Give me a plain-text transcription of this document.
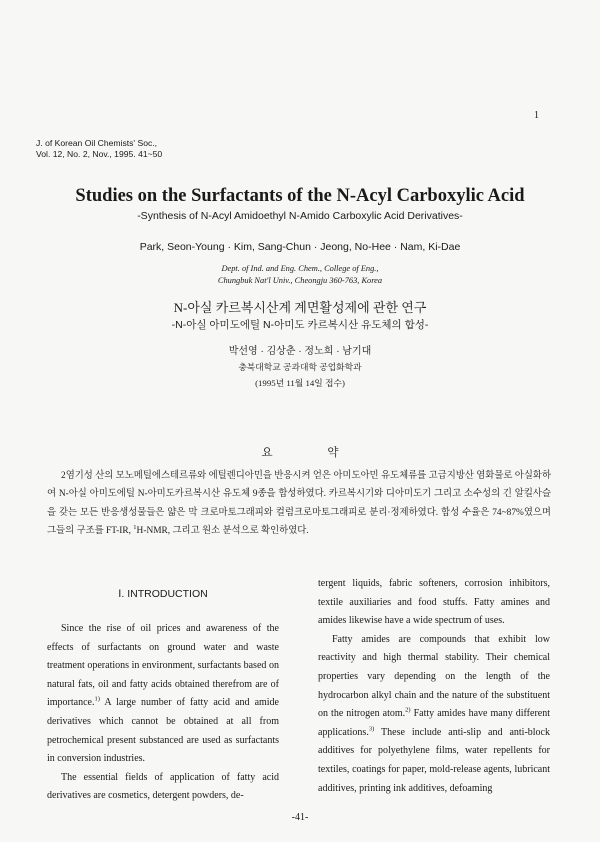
1
J. of Korean Oil Chemists' Soc.,
Vol. 12, No. 2, Nov., 1995. 41~50
Studies on the Surfactants of the N-Acyl Carboxylic Acid
-Synthesis of N-Acyl Amidoethyl N-Amido Carboxylic Acid Derivatives-
Park, Seon-Young · Kim, Sang-Chun · Jeong, No-Hee · Nam, Ki-Dae
Dept. of Ind. and Eng. Chem., College of Eng.,
Chungbuk Nat'l Univ., Cheongju 360-763, Korea
N-아실 카르복시산계 계면활성제에 관한 연구
-N-아실 아미도에틸 N-아미도 카르복시산 유도체의 합성-
박선영 · 김상춘 · 정노희 · 남기대
충북대학교 공과대학 공업화학과
(1995년 11월 14일 접수)
요 약

2염기성 산의 모노메틸에스테르류와 에틸렌디아민을 반응시켜 얻은 아미도아민 유도체류를 고급지방산 염화물로 아실화하여 N-아실 아미도에틸 N-아미도카르복시산 유도체 9종을 합성하였다. 카르복시기와 디아미도기 그리고 소수성의 긴 알킬사슬을 갖는 모든 반응생성물들은 얇은 막 크로마토그래피와 컬럼크로마토그래피로 분리·정제하였다. 합성 수율은 74~87%였으며 그들의 구조를 FT-IR, $^1$H-NMR, 그리고 원소 분석으로 확인하였다.

Ⅰ. INTRODUCTION

Since the rise of oil prices and awareness of the effects of surfactants on ground water and waste treatment operations in environment, surfactants based on natural fats, oil and fatty acids obtained therefrom are of importance.$^{1)}$ A large number of fatty acid and amide derivatives which cannot be obtained at all from petrochemical present substanced are used as surfactants in conversion industries.

The essential fields of application of fatty acid derivatives are cosmetics, detergent powders, de-

tergent liquids, fabric softeners, corrosion inhibitors, textile auxiliaries and food stuffs. Fatty amines and amides likewise have a wide spectrum of uses.

Fatty amides are compounds that exhibit low reactivity and high thermal stability. Their chemical properties vary depending on the length of the hydrocarbon alkyl chain and the nature of the substituent on the nitrogen atom.$^{2)}$ Fatty amides have many different applications.$^{3)}$ These include anti-slip and anti-block additives for polyethylene films, water repellents for textiles, coatings for paper, mold-release agents, lubricant additives, printing ink additives, defoaming

-41-
